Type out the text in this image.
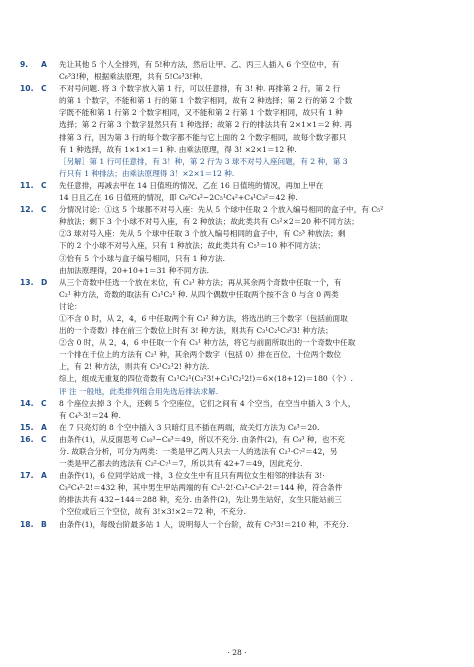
9.	A 先让其他 5 个人全排列，有 5!种方法，然后让甲、乙、丙三人插入 6 个空位中，有
C₆³3!种，根据乘法原理，共有 5!C₆³3!种.
10. C 不对号问题. 将 3 个数字放入第 1 行，可以任意排，有 3! 种. 再排第 2 行，第 2 行
的第 1 个数字，不能和第 1 行的第 1 个数字相同，故有 2 种选择；第 2 行的第 2 个数
字既不能和第 1 行第 2 个数字相同，又不能和第 2 行第 1 个数字相同，故只有 1 种
选择；第 2 行第 3 个数字显然只有 1 种选择；故第 2 行的排法共有 2×1×1＝2 种. 再
排第 3 行，因为第 3 行的每个数字都不能与它上面的 2 个数字相同，故每个数字都只
有 1 种选择，故有 1×1×1＝1 种. 由乘法原理，得 3! ×2×1＝12 种.
［另解］第 1 行可任意排，有 3！种，第 2 行为 3 球不对号入座问题，有 2 种，第 3
行只有 1 种排法；由乘法原理得 3！×2×1＝12 种.
11. C 先任意排，再减去甲在 14 日值班的情况、乙在 16 日值班的情况，再加上甲在
14 日且乙在 16 日值班的情况，即 C₆²C₄²−2C₅¹C₄²+C₄¹C₃²＝42 种.
12. C 分情况讨论：①这 5 个球都不对号入座：先从 5 个球中任取 2 个放入编号相同的盒子中，有 C₅²
种放法；剩下 3 个小球不对号入座，有 2 种放法；故此类共有 C₅²×2＝20 种不同方法；
②3 球对号入座：先从 5 个球中任取 3 个放入编号相同的盒子中，有 C₅³ 种放法；剩
下的 2 个小球不对号入座，只有 1 种放法；故此类共有 C₅³＝10 种不同方法；
③恰有 5 个小球与盒子编号相同，只有 1 种方法.
由加法原理得，20+10+1＝31 种不同方法.
13. D 从三个奇数中任选一个放在末位，有 C₃¹ 种方法；再从其余两个奇数中任取一个，有
C₂¹ 种方法，奇数的取法有 C₃¹C₂¹ 种. 从四个偶数中任取两个按不含 0 与含 0 两类
讨论：
①不含 0 时，从 2，4，6 中任取两个有 C₃² 种方法，将选出的三个数字（包括前面取
出的一个奇数）排在前三个数位上时有 3! 种方法，则共有 C₃¹C₂¹C₃²3! 种方法；
②含 0 时，从 2，4，6 中任取一个有 C₃¹ 种方法，将它与前面所取出的一个奇数中任取
一个排在千位上的方法有 C₂¹ 种，其余两个数字（包括 0）排在百位、十位两个数位
上，有 2! 种方法，则共有 C₃¹C₂¹2! 种方法.
综上，组成无重复的四位奇数有 C₃¹C₂¹(C₃²3!+C₃¹C₂¹2!)＝6×(18+12)＝180（个）.
评 注 一般地，此类排列组合用先选后排法求解.
14. C 8 个座位去掉 3 个人，还剩 5 个空座位，它们之间有 4 个空当，在空当中插入 3 个人，
有 C₄³·3!＝24 种.
15. A 在 7 只亮灯的 8 个空中插入 3 只暗灯且不插在两端，故关灯方法为 C₆³＝20.
16. C 由条件(1)，从反面思考 C₁₀³−C₈³＝49，所以不充分. 由条件(2)，有 C₉³ 种，也不充
分. 故联合分析，可分为两类：一类是甲乙两人只去一人的选法有 C₂¹·C₇²＝42，另
一类是甲乙都去的选法有 C₂²·C₇¹＝7，所以共有 42+7＝49，因此充分.
17. A 由条件(1)，6 位同学站成一排，3 位女生中有且只有两位女生相邻的排法有 3!·
C₃²C₄²·2!＝432 种，其中男生甲站两端的有 C₂¹·2!·C₃²·C₃²·2!＝144 种，符合条件
的排法共有 432−144＝288 种，充分. 由条件(2)，先让男生站好，女生只能站前三
个空位或后三个空位，故有 3!×3!×2＝72 种，不充分.
18. B 由条件(1)，每级台阶最多站 1 人，说明每人一个台阶，故有 C₇³3!＝210 种，不充分.
· 28 ·
